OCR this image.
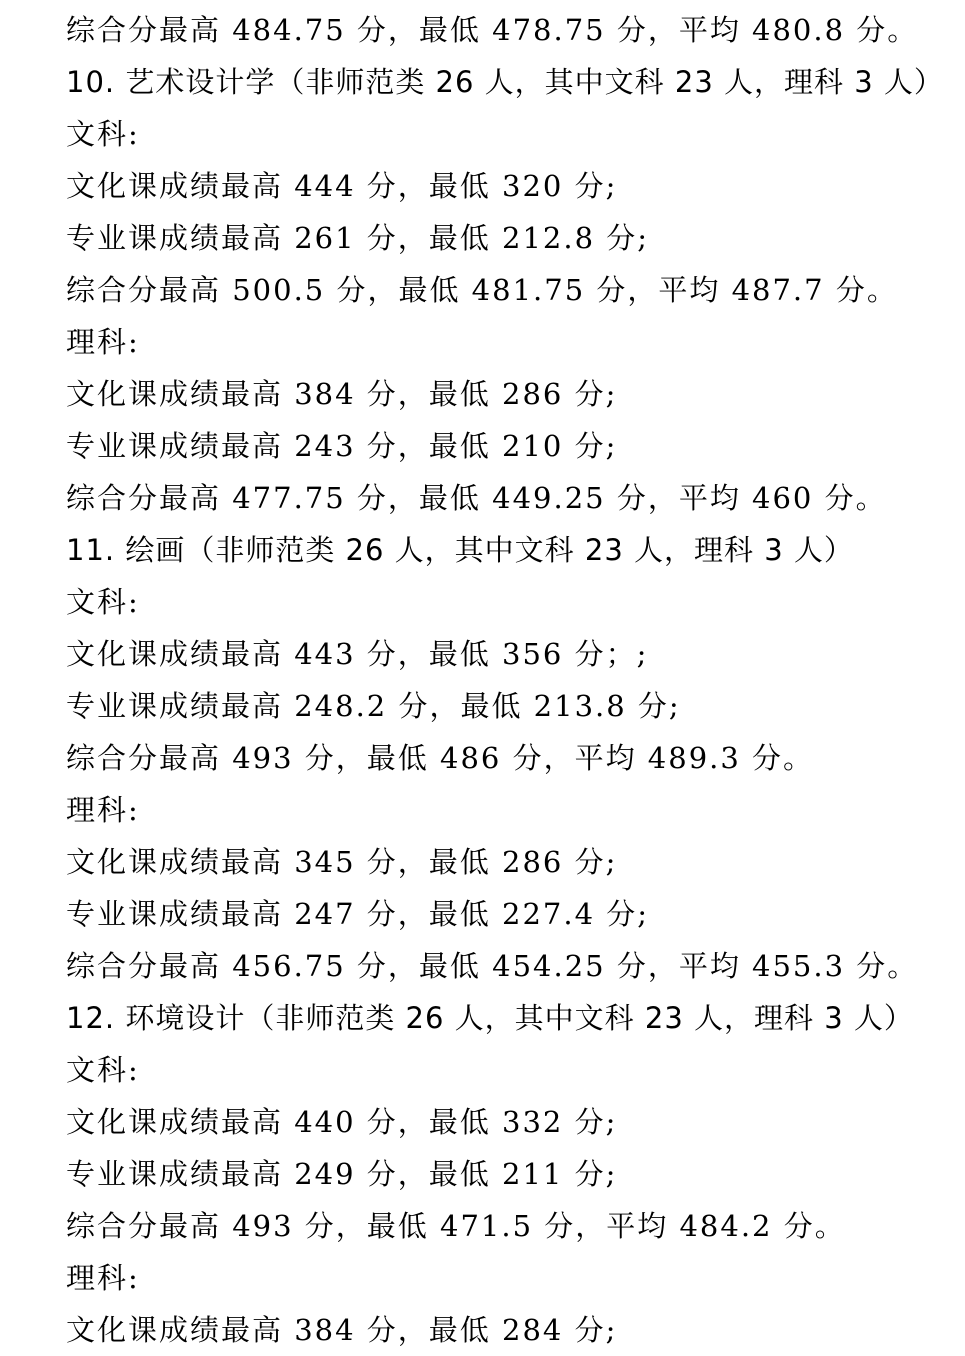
综合分最高 484.75 分，最低 478.75 分，平均 480.8 分。
10. 艺术设计学（非师范类 26 人，其中文科 23 人，理科 3 人）
文科:
文化课成绩最高 444 分，最低 320 分;
专业课成绩最高 261 分，最低 212.8 分;
综合分最高 500.5 分，最低 481.75 分，平均 487.7 分。
理科:
文化课成绩最高 384 分，最低 286 分;
专业课成绩最高 243 分，最低 210 分;
综合分最高 477.75 分，最低 449.25 分，平均 460 分。
11. 绘画（非师范类 26 人，其中文科 23 人，理科 3 人）
文科:
文化课成绩最高 443 分，最低 356 分；;
专业课成绩最高 248.2 分，最低 213.8 分;
综合分最高 493 分，最低 486 分，平均 489.3 分。
理科:
文化课成绩最高 345 分，最低 286 分;
专业课成绩最高 247 分，最低 227.4 分;
综合分最高 456.75 分，最低 454.25 分，平均 455.3 分。
12. 环境设计（非师范类 26 人，其中文科 23 人，理科 3 人）
文科:
文化课成绩最高 440 分，最低 332 分;
专业课成绩最高 249 分，最低 211 分;
综合分最高 493 分，最低 471.5 分，平均 484.2 分。
理科:
文化课成绩最高 384 分，最低 284 分;
